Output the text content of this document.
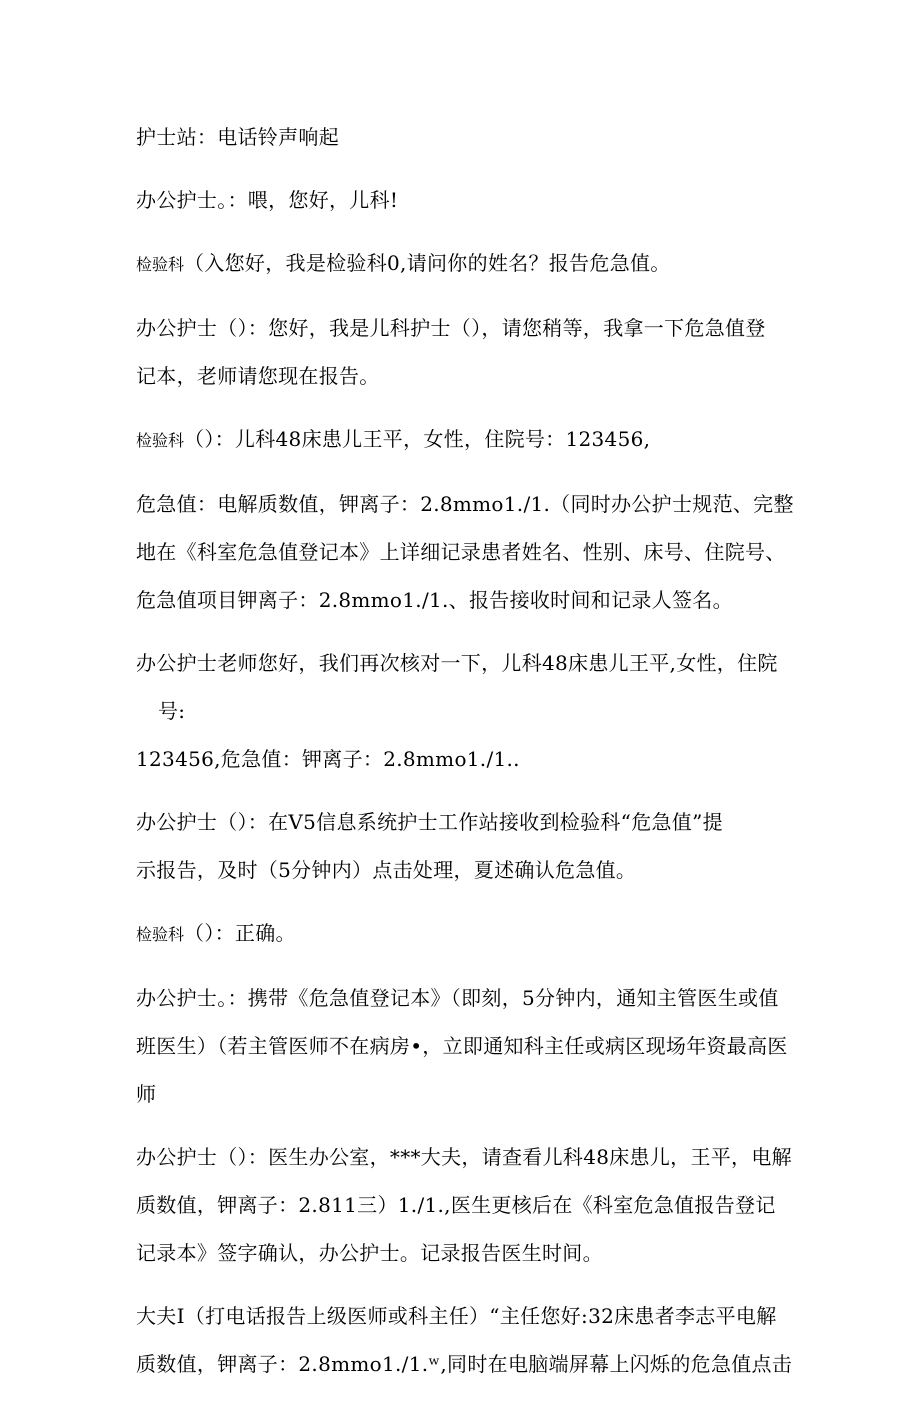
护士站：电话铃声响起

办公护士。：喂，您好，儿科!

检验科（入您好，我是检验科0,请问你的姓名？报告危急值。

办公护士（）：您好，我是儿科护士（），请您稍等，我拿一下危急值登
记本，老师请您现在报告。

检验科（）：儿科48床患儿王平，女性，住院号：123456,

危急值：电解质数值，钾离子：2.8mmo1./1.（同时办公护士规范、完整
地在《科室危急值登记本》上详细记录患者姓名、性别、床号、住院号、
危急值项目钾离子：2.8mmo1./1.、报告接收时间和记录人签名。

办公护士老师您好，我们再次核对一下，儿科48床患儿王平,女性，住院号:
123456,危急值：钾离子：2.8mmo1./1..

办公护士（）：在V5信息系统护士工作站接收到检验科“危急值”提
示报告，及时（5分钟内）点击处理，夏述确认危急值。

检验科（）：正确。

办公护士。：携带《危急值登记本》（即刻，5分钟内，通知主管医生或值
班医生）（若主管医师不在病房•，立即通知科主任或病区现场年资最高医
师

办公护士（）：医生办公室，***大夫，请查看儿科48床患儿，王平，电解
质数值，钾离子：2.811三）1./1.,医生更核后在《科室危急值报告登记
记录本》签字确认，办公护士。记录报告医生时间。

大夫I（打电话报告上级医师或科主任）“主任您好:32床患者李志平电解
质数值，钾离子：2.8mmo1./1.ʷ,同时在电脑端屏幕上闪烁的危急值点击
